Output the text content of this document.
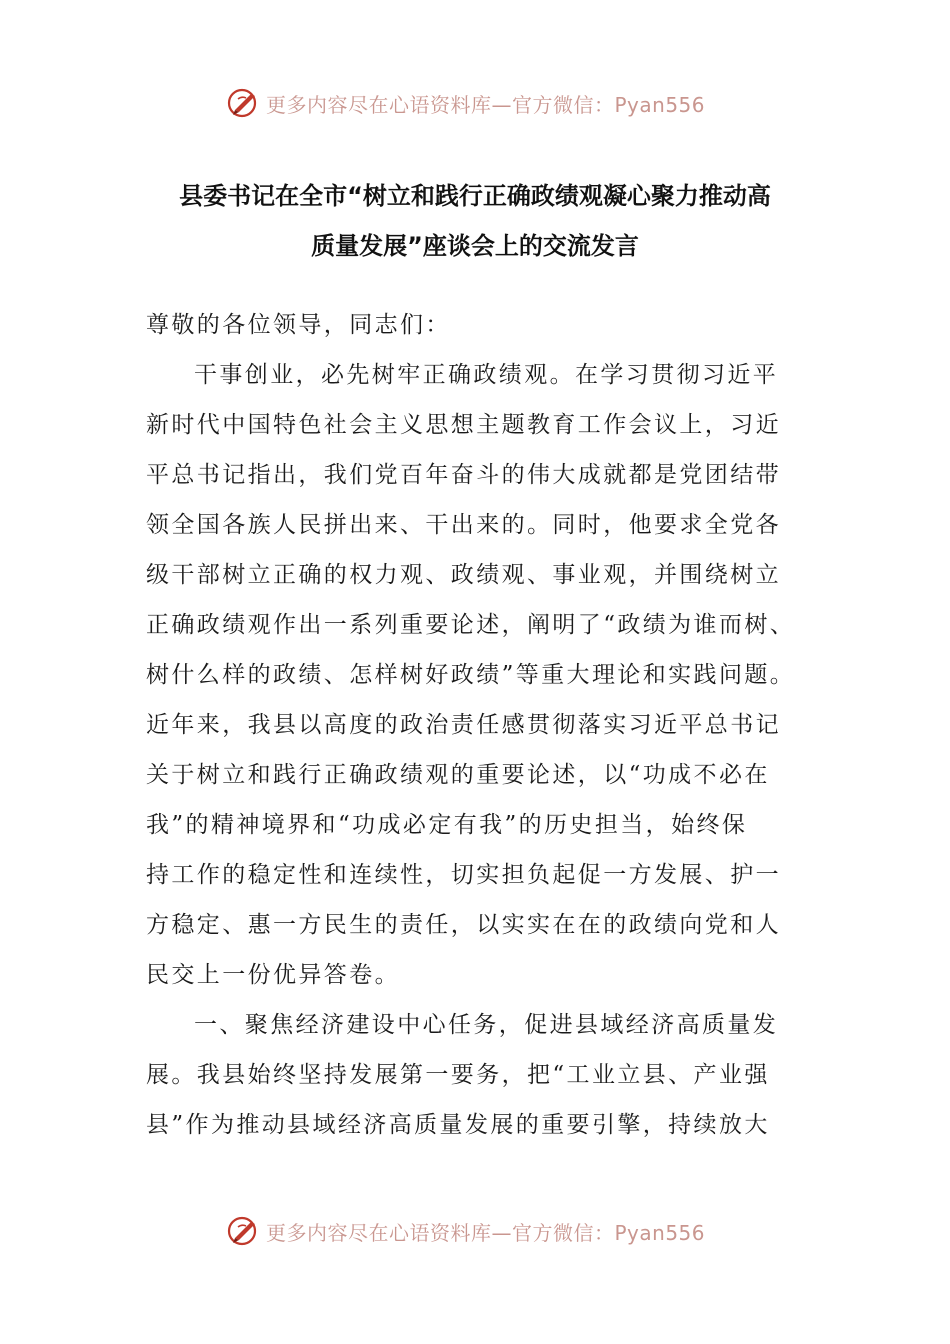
更多内容尽在心语资料库—官方微信：Pyan556
县委书记在全市“树立和践行正确政绩观凝心聚力推动高
质量发展”座谈会上的交流发言
尊敬的各位领导，同志们：
干事创业，必先树牢正确政绩观。在学习贯彻习近平
新时代中国特色社会主义思想主题教育工作会议上，习近
平总书记指出，我们党百年奋斗的伟大成就都是党团结带
领全国各族人民拼出来、干出来的。同时，他要求全党各
级干部树立正确的权力观、政绩观、事业观，并围绕树立
正确政绩观作出一系列重要论述，阐明了“政绩为谁而树、
树什么样的政绩、怎样树好政绩”等重大理论和实践问题。
近年来，我县以高度的政治责任感贯彻落实习近平总书记
关于树立和践行正确政绩观的重要论述，以“功成不必在
我”的精神境界和“功成必定有我”的历史担当，始终保
持工作的稳定性和连续性，切实担负起促一方发展、护一
方稳定、惠一方民生的责任，以实实在在的政绩向党和人
民交上一份优异答卷。
一、聚焦经济建设中心任务，促进县域经济高质量发
展。我县始终坚持发展第一要务，把“工业立县、产业强
县”作为推动县域经济高质量发展的重要引擎，持续放大
更多内容尽在心语资料库—官方微信：Pyan556
